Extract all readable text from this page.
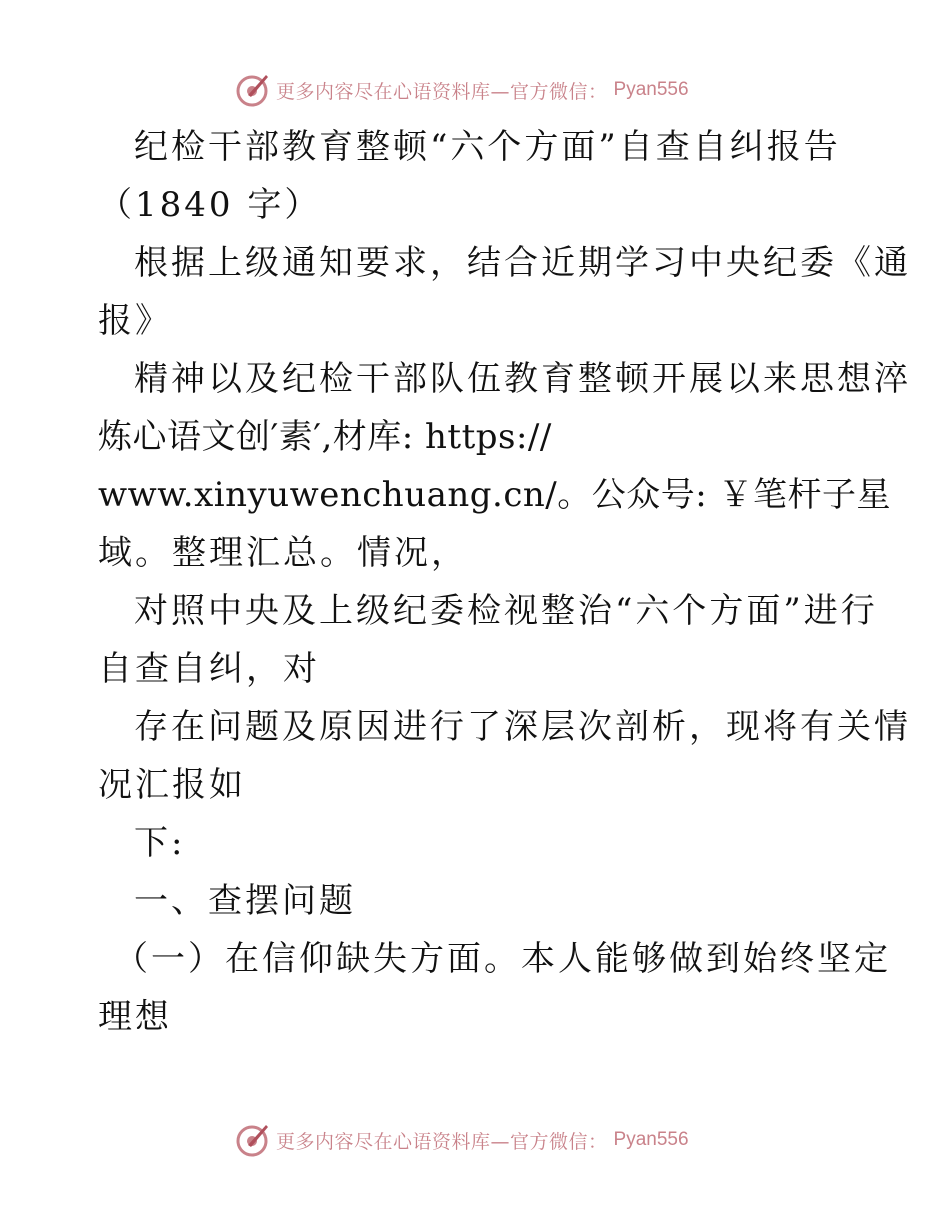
更多内容尽在心语资料库—官方微信： Pyan556
纪检干部教育整顿“六个方面”自查自纠报告
（1840 字）
根据上级通知要求，结合近期学习中央纪委《通
报》
精神以及纪检干部队伍教育整顿开展以来思想淬
炼心语文创′素′,材库: https://
www.xinyuwenchuang.cn/。公众号: ￥笔杆子星
域。整理汇总。情况，
对照中央及上级纪委检视整治“六个方面”进行
自查自纠，对
存在问题及原因进行了深层次剖析，现将有关情
况汇报如
下:
一、查摆问题
（一）在信仰缺失方面。本人能够做到始终坚定
理想
更多内容尽在心语资料库—官方微信： Pyan556
